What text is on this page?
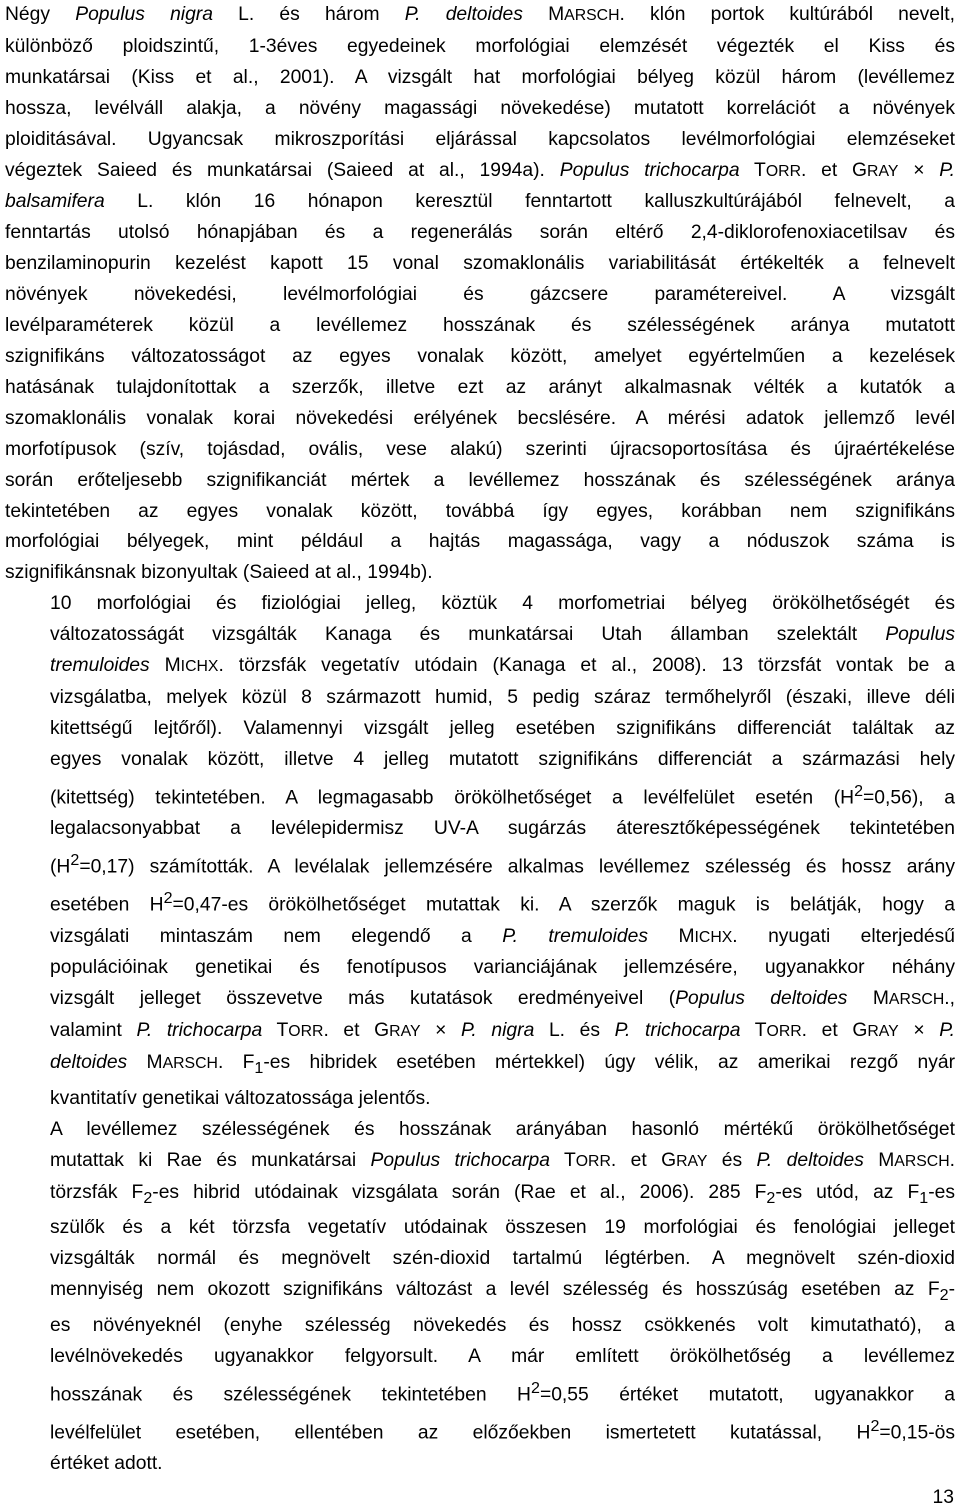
Négy Populus nigra L. és három P. deltoides MARSCH. klón portok kultúrából nevelt,
különböző ploidszintű, 1-3éves egyedeinek morfológiai elemzését végezték el Kiss és
munkatársai (Kiss et al., 2001). A vizsgált hat morfológiai bélyeg közül három (levéllemez
hossza, levélváll alakja, a növény magassági növekedése) mutatott korrelációt a növények
ploiditásával. Ugyancsak mikroszporítási eljárással kapcsolatos levélmorfológiai elemzéseket
végeztek Saieed és munkatársai (Saieed at al., 1994a). Populus trichocarpa TORR. et GRAY × P.
balsamifera L. klón 16 hónapon keresztül fenntartott kalluszkultúrájából felnevelt, a
fenntartás utolsó hónapjában és a regenerálás során eltérő 2,4-diklorofenoxiacetilsav és
benzilaminopurin kezelést kapott 15 vonal szomaklonális variabilitását értékelték a felnevelt
növények növekedési, levélmorfológiai és gázcsere paramétereivel. A vizsgált
levélparaméterek közül a levéllemez hosszának és szélességének aránya mutatott
szignifikáns változatosságot az egyes vonalak között, amelyet egyértelműen a kezelések
hatásának tulajdonítottak a szerzők, illetve ezt az arányt alkalmasnak vélték a kutatók a
szomaklonális vonalak korai növekedési erélyének becslésére. A mérési adatok jellemző levél
morfotípusok (szív, tojásdad, ovális, vese alakú) szerinti újracsoportosítása és újraértékelése
során erőteljesebb szignifikanciát mértek a levéllemez hosszának és szélességének aránya
tekintetében az egyes vonalak között, továbbá így egyes, korábban nem szignifikáns
morfológiai bélyegek, mint például a hajtás magassága, vagy a nóduszok száma is
szignifikánsnak bizonyultak (Saieed at al., 1994b).

10 morfológiai és fiziológiai jelleg, köztük 4 morfometriai bélyeg örökölhetőségét és
változatosságát vizsgálták Kanaga és munkatársai Utah államban szelektált Populus
tremuloides MICHX. törzsfák vegetatív utódain (Kanaga et al., 2008). 13 törzsfát vontak be a
vizsgálatba, melyek közül 8 származott humid, 5 pedig száraz termőhelyről (északi, illeve déli
kitettségű lejtőről). Valamennyi vizsgált jelleg esetében szignifikáns differenciát találtak az
egyes vonalak között, illetve 4 jelleg mutatott szignifikáns differenciát a származási hely
(kitettség) tekintetében. A legmagasabb örökölhetőséget a levélfelület esetén $(H^2=0,56)$, a
legalacsonyabbat a levélepidermisz UV-A sugárzás áteresztőképességének tekintetében
$(H^2=0,17)$ számították. A levélalak jellemzésére alkalmas levéllemez szélesség és hossz arány
esetében $H^2=0,47-es$ örökölhetőséget mutattak ki. A szerzők maguk is belátják, hogy a
vizsgálati mintaszám nem elegendő a P. tremuloides MICHX. nyugati elterjedésű
populációinak genetikai és fenotípusos varianciájának jellemzésére, ugyanakkor néhány
vizsgált jelleget összevetve más kutatások eredményeivel (Populus deltoides MARSCH.,
valamint P. trichocarpa TORR. et GRAY × P. nigra L. és P. trichocarpa TORR. et GRAY × P.
deltoides MARSCH. $F_1-es$ hibridek esetében mértekkel) úgy vélik, az amerikai rezgő nyár
kvantitatív genetikai változatossága jelentős.

A levéllemez szélességének és hosszának arányában hasonló mértékű örökölhetőséget
mutattak ki Rae és munkatársai Populus trichocarpa TORR. et GRAY és P. deltoides MARSCH.
törzsfák $F_2-es$ hibrid utódainak vizsgálata során (Rae et al., 2006). 285 $F_2-es$ utód, az $F_1-es$
szülők és a két törzsfa vegetatív utódainak összesen 19 morfológiai és fenológiai jelleget
vizsgálták normál és megnövelt szén-dioxid tartalmú légtérben. A megnövelt szén-dioxid
mennyiség nem okozott szignifikáns változást a levél szélesség és hosszúság esetében az $F_2-$
es növényeknél (enyhe szélesség növekedés és hossz csökkenés volt kimutatható), a
levélnövekedés ugyanakkor felgyorsult. A már említett örökölhetőség a levéllemez
hosszának és szélességének tekintetében $H^2=0,55$ értéket mutatott, ugyanakkor a
levélfelület esetében, ellentében az előzőekben ismertetett kutatással, $H^2=0,15-ös$
értéket adott.

13
